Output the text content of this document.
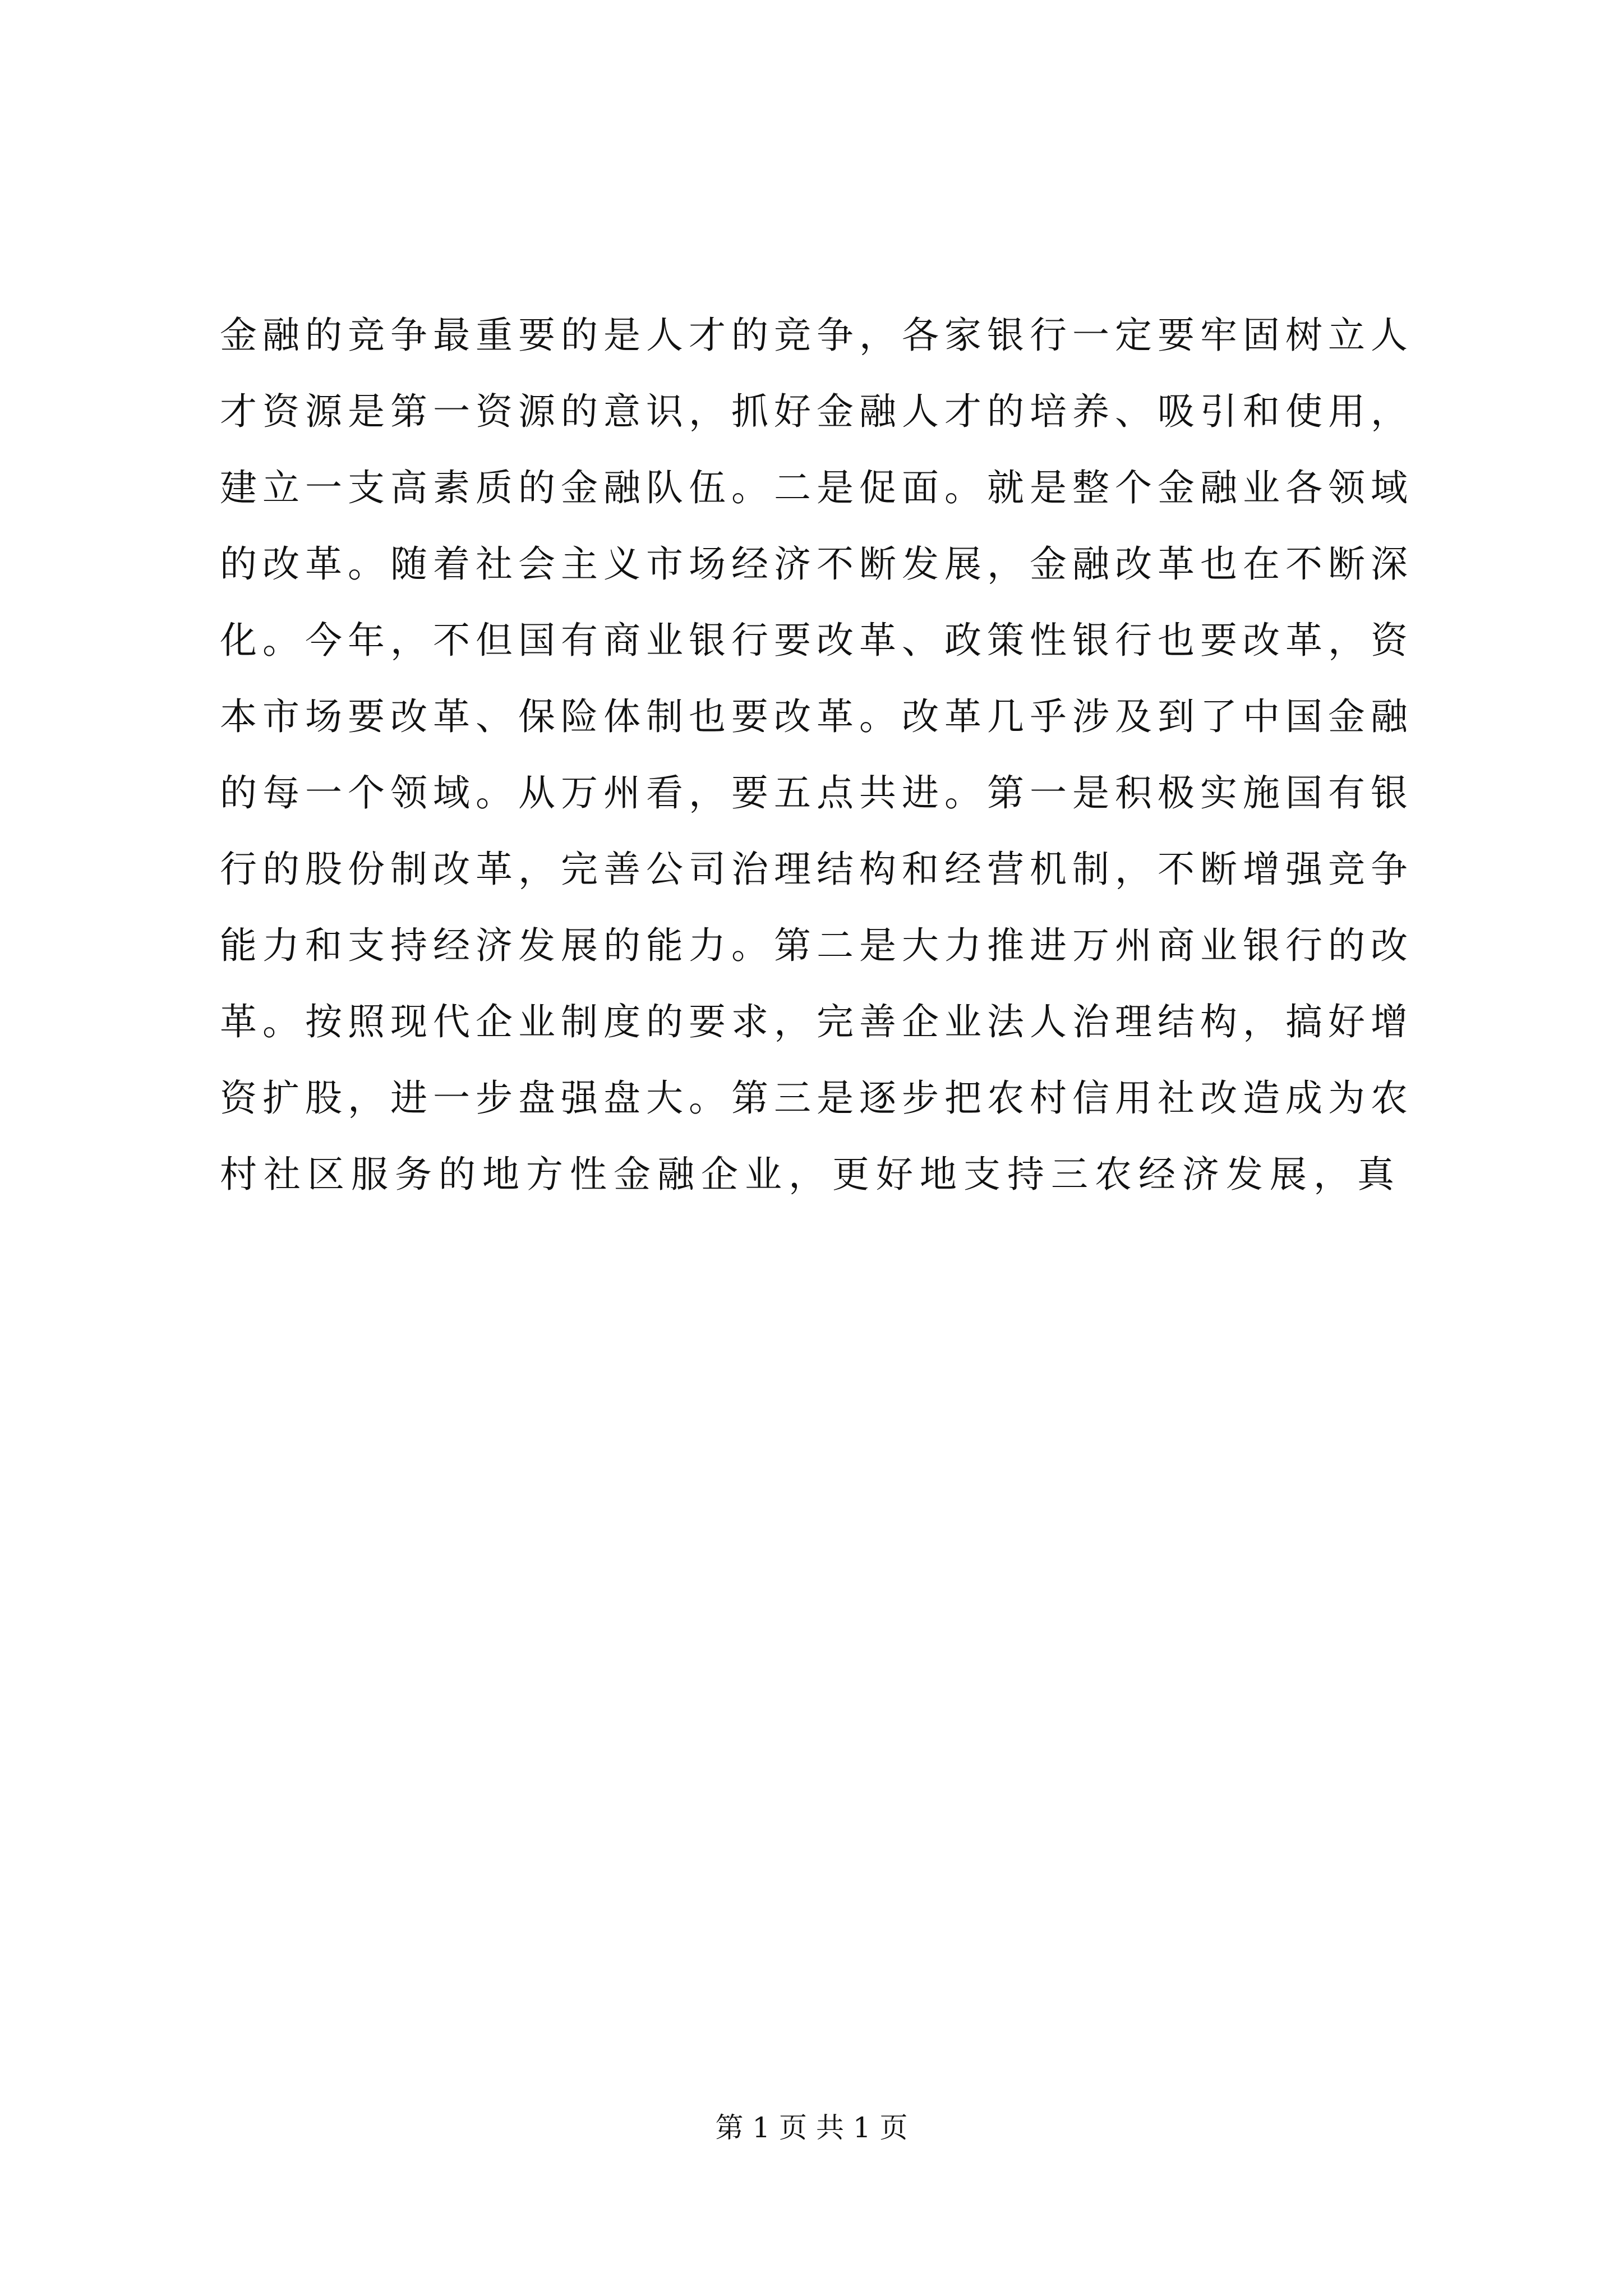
金融的竞争最重要的是人才的竞争，各家银行一定要牢固树立人
才资源是第一资源的意识，抓好金融人才的培养、吸引和使用，
建立一支高素质的金融队伍。二是促面。就是整个金融业各领域
的改革。随着社会主义市场经济不断发展，金融改革也在不断深
化。今年，不但国有商业银行要改革、政策性银行也要改革，资
本市场要改革、保险体制也要改革。改革几乎涉及到了中国金融
的每一个领域。从万州看，要五点共进。第一是积极实施国有银
行的股份制改革，完善公司治理结构和经营机制，不断增强竞争
能力和支持经济发展的能力。第二是大力推进万州商业银行的改
革。按照现代企业制度的要求，完善企业法人治理结构，搞好增
资扩股，进一步盘强盘大。第三是逐步把农村信用社改造成为农
村社区服务的地方性金融企业，更好地支持三农经济发展，真
第 1 页 共 1 页
